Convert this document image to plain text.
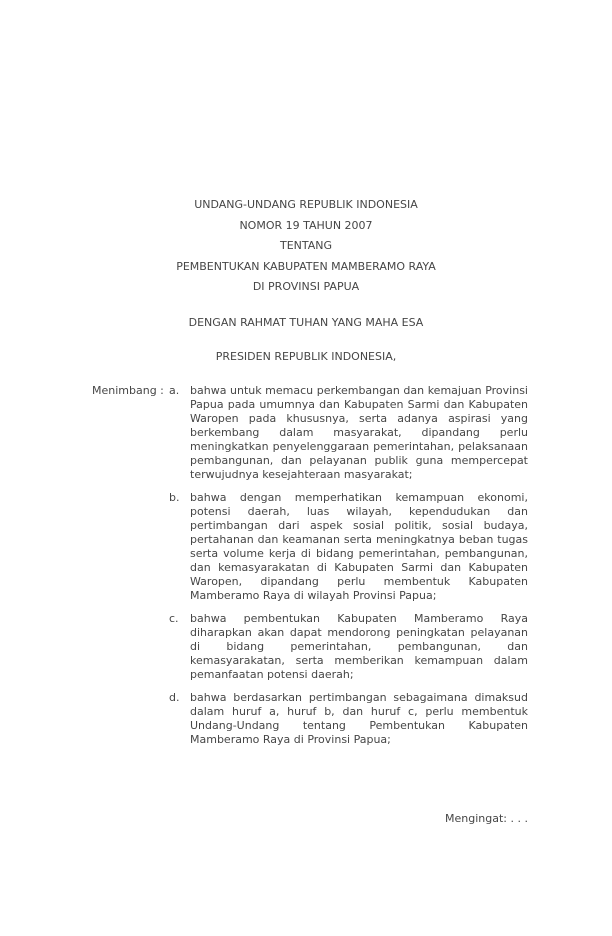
UNDANG-UNDANG REPUBLIK INDONESIA
NOMOR 19 TAHUN 2007
TENTANG
PEMBENTUKAN KABUPATEN MAMBERAMO RAYA
DI PROVINSI PAPUA
DENGAN RAHMAT TUHAN YANG MAHA ESA
PRESIDEN REPUBLIK INDONESIA,
Menimbang : a. bahwa untuk memacu perkembangan dan kemajuan Provinsi Papua pada umumnya dan Kabupaten Sarmi dan Kabupaten Waropen pada khususnya, serta adanya aspirasi yang berkembang dalam masyarakat, dipandang perlu meningkatkan penyelenggaraan pemerintahan, pelaksanaan pembangunan, dan pelayanan publik guna mempercepat terwujudnya kesejahteraan masyarakat;
b. bahwa dengan memperhatikan kemampuan ekonomi, potensi daerah, luas wilayah, kependudukan dan pertimbangan dari aspek sosial politik, sosial budaya, pertahanan dan keamanan serta meningkatnya beban tugas serta volume kerja di bidang pemerintahan, pembangunan, dan kemasyarakatan di Kabupaten Sarmi dan Kabupaten Waropen, dipandang perlu membentuk Kabupaten Mamberamo Raya di wilayah Provinsi Papua;
c.	bahwa pembentukan Kabupaten Mamberamo Raya diharapkan akan dapat mendorong peningkatan pelayanan di bidang pemerintahan, pembangunan, dan kemasyarakatan, serta memberikan kemampuan dalam pemanfaatan potensi daerah;
d. bahwa berdasarkan pertimbangan sebagaimana dimaksud dalam huruf a, huruf b, dan huruf c, perlu membentuk Undang-Undang tentang Pembentukan Kabupaten Mamberamo Raya di Provinsi Papua;
Mengingat: . . .
